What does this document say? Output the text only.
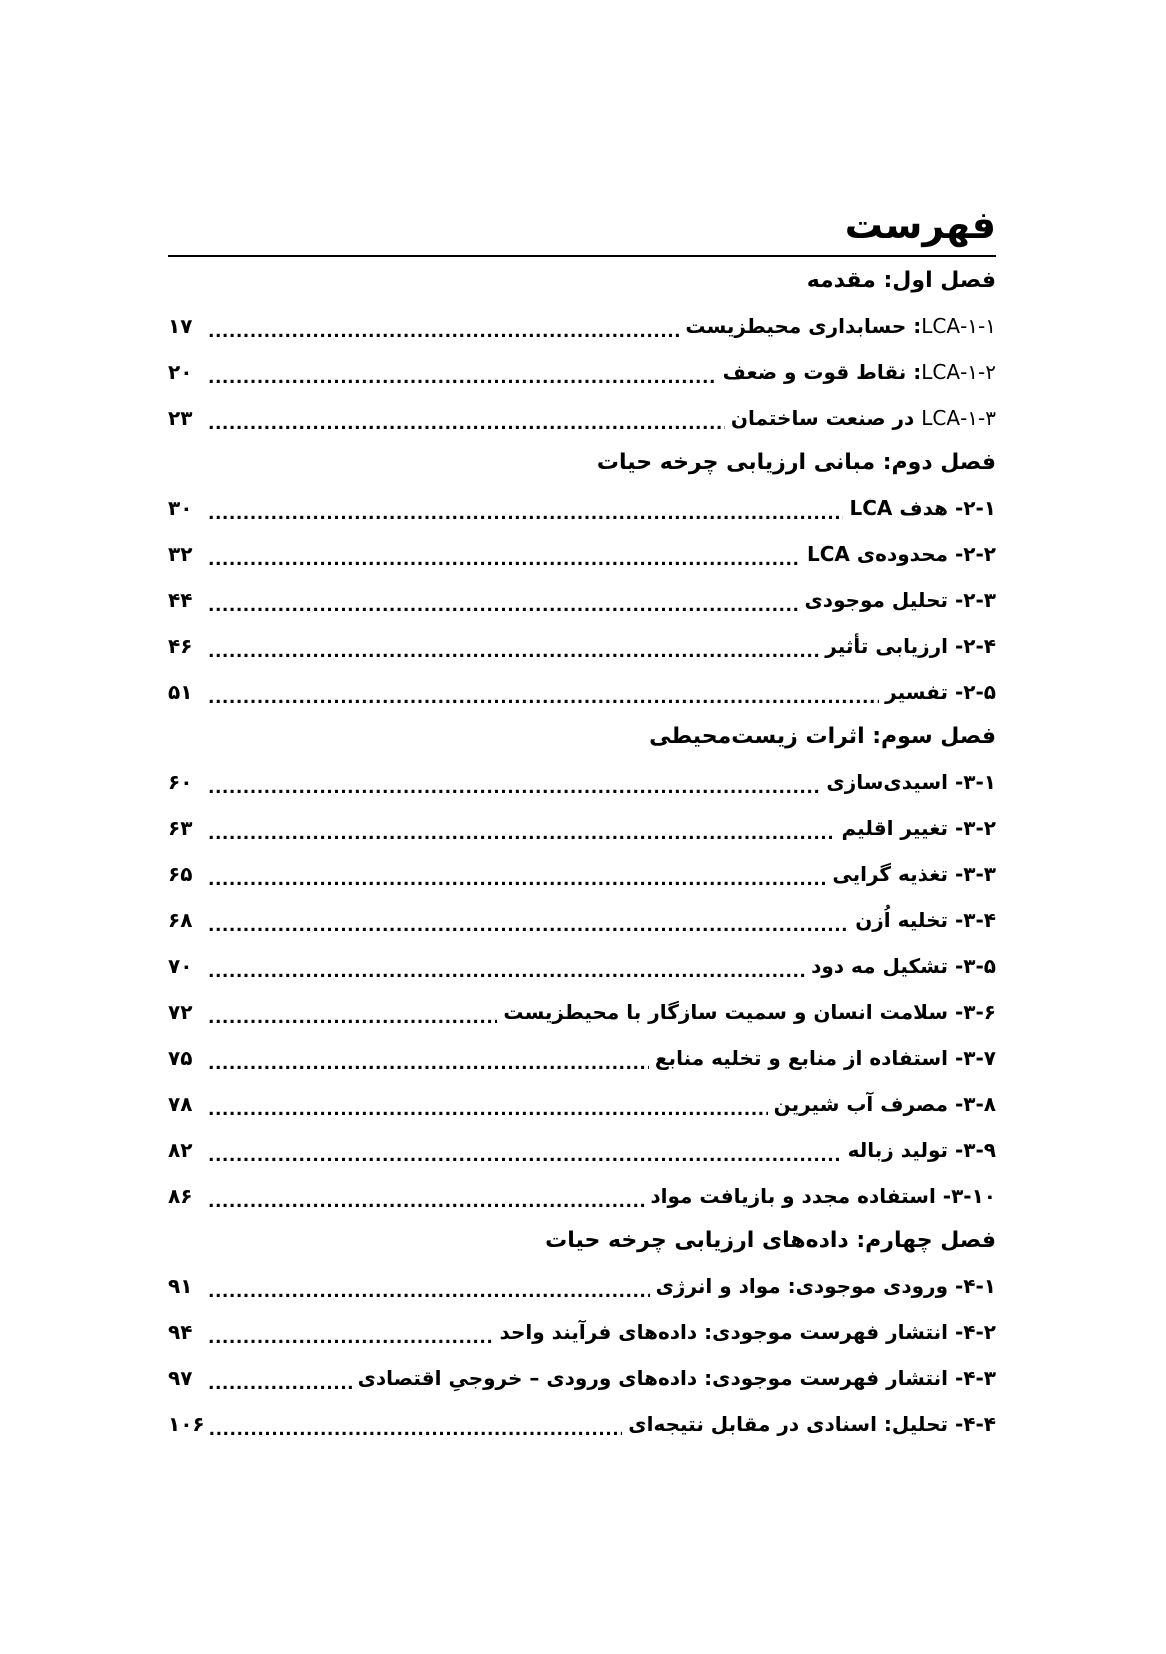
فهرست
فصل اول: مقدمه
۱-۱-LCA: حسابداری محیطزیست
.....
۱۷
۱-۲-LCA: نقاط قوت و ضعف
.....
۲۰
۱-۳-LCA در صنعت ساختمان
.....
۲۳
فصل دوم: مبانی ارزیابی چرخه حیات
۲-۱- هدف LCA
.....
۳۰
۲-۲- محدوده‌ی LCA
.....
۳۲
۲-۳- تحلیل موجودی
.....
۴۴
۲-۴- ارزیابی تأثیر
.....
۴۶
۲-۵- تفسیر
.....
۵۱
فصل سوم: اثرات زیست‌محیطی
۳-۱- اسیدی‌سازی
.....
۶۰
۳-۲- تغییر اقلیم
.....
۶۳
۳-۳- تغذیه گرایی
.....
۶۵
۳-۴- تخلیه اُزن
.....
۶۸
۳-۵- تشکیل مه دود
.....
۷۰
۳-۶- سلامت انسان و سمیت سازگار با محیطزیست
.....
۷۲
۳-۷- استفاده از منابع و تخلیه منابع
.....
۷۵
۳-۸- مصرف آب شیرین
.....
۷۸
۳-۹- تولید زباله
.....
۸۲
۳-۱۰- استفاده مجدد و بازیافت مواد
.....
۸۶
فصل چهارم: داده‌های ارزیابی چرخه حیات
۴-۱- ورودی موجودی: مواد و انرژی
.....
۹۱
۴-۲- انتشار فهرست موجودی: داده‌های فرآیند واحد
.....
۹۴
۴-۳- انتشار فهرست موجودی: داده‌های ورودی – خروجیِ اقتصادی
.....
۹۷
۴-۴- تحلیل: اسنادی در مقابل نتیجه‌ای
.....
۱۰۶
